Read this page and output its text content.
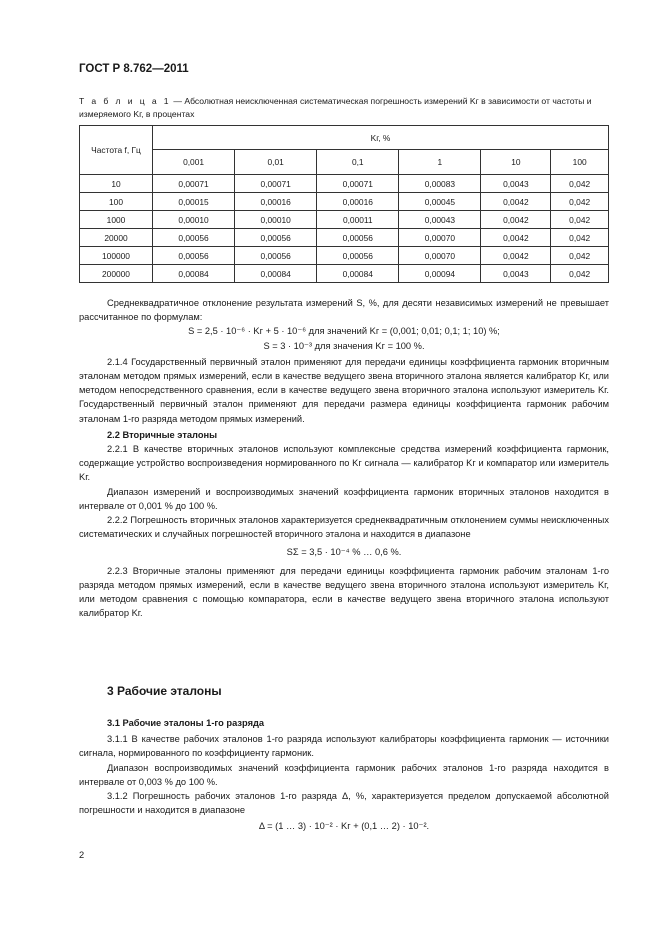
ГОСТ Р 8.762—2011
Т а б л и ц а 1 — Абсолютная неисключенная систематическая погрешность измерений Kг в зависимости от частоты и измеряемого Kг, в процентах
Частота f, Гц	Kг, %					
	0,001	0,01	0,1	1	10	100
10	0,00071	0,00071	0,00071	0,00083	0,0043	0,042
100	0,00015	0,00016	0,00016	0,00045	0,0042	0,042
1000	0,00010	0,00010	0,00011	0,00043	0,0042	0,042
20000	0,00056	0,00056	0,00056	0,00070	0,0042	0,042
100000	0,00056	0,00056	0,00056	0,00070	0,0042	0,042
200000	0,00084	0,00084	0,00084	0,00094	0,0043	0,042

Среднеквадратичное отклонение результата измерений S, %, для десяти независимых измерений не превышает рассчитанное по формулам:

S = 2,5 · 10⁻⁶ · Kг + 5 · 10⁻⁶ для значений Kг = (0,001; 0,01; 0,1; 1; 10) %;

S = 3 · 10⁻³ для значения Kг = 100 %.

2.1.4 Государственный первичный эталон применяют для передачи единицы коэффициента гармоник вторичным эталонам методом прямых измерений, если в качестве ведущего звена вторичного эталона является калибратор Kг, или методом непосредственного сравнения, если в качестве ведущего звена вторичного эталона используют измеритель Kг. Государственный первичный эталон применяют для передачи размера единицы коэффициента гармоник рабочим эталонам 1-го разряда методом прямых измерений.

2.2 Вторичные эталоны

2.2.1 В качестве вторичных эталонов используют комплексные средства измерений коэффициента гармоник, содержащие устройство воспроизведения нормированного по Kг сигнала — калибратор Kг и компаратор или измеритель Kг.

Диапазон измерений и воспроизводимых значений коэффициента гармоник вторичных эталонов находится в интервале от 0,001 % до 100 %.

2.2.2 Погрешность вторичных эталонов характеризуется среднеквадратичным отклонением суммы неисключенных систематических и случайных погрешностей вторичного эталона и находится в диапазоне

SΣ = 3,5 · 10⁻⁴ % … 0,6 %.

2.2.3 Вторичные эталоны применяют для передачи единицы коэффициента гармоник рабочим эталонам 1-го разряда методом прямых измерений, если в качестве ведущего звена вторичного эталона используют измеритель Kг, или методом сравнения с помощью компаратора, если в качестве ведущего звена вторичного эталона используют калибратор Kг.

3 Рабочие эталоны

3.1 Рабочие эталоны 1-го разряда

3.1.1 В качестве рабочих эталонов 1-го разряда используют калибраторы коэффициента гармоник — источники сигнала, нормированного по коэффициенту гармоник.

Диапазон воспроизводимых значений коэффициента гармоник рабочих эталонов 1-го разряда находится в интервале от 0,003 % до 100 %.

3.1.2 Погрешность рабочих эталонов 1-го разряда Δ, %, характеризуется пределом допускаемой абсолютной погрешности и находится в диапазоне

Δ = (1 … 3) · 10⁻² · Kг + (0,1 … 2) · 10⁻².

2
